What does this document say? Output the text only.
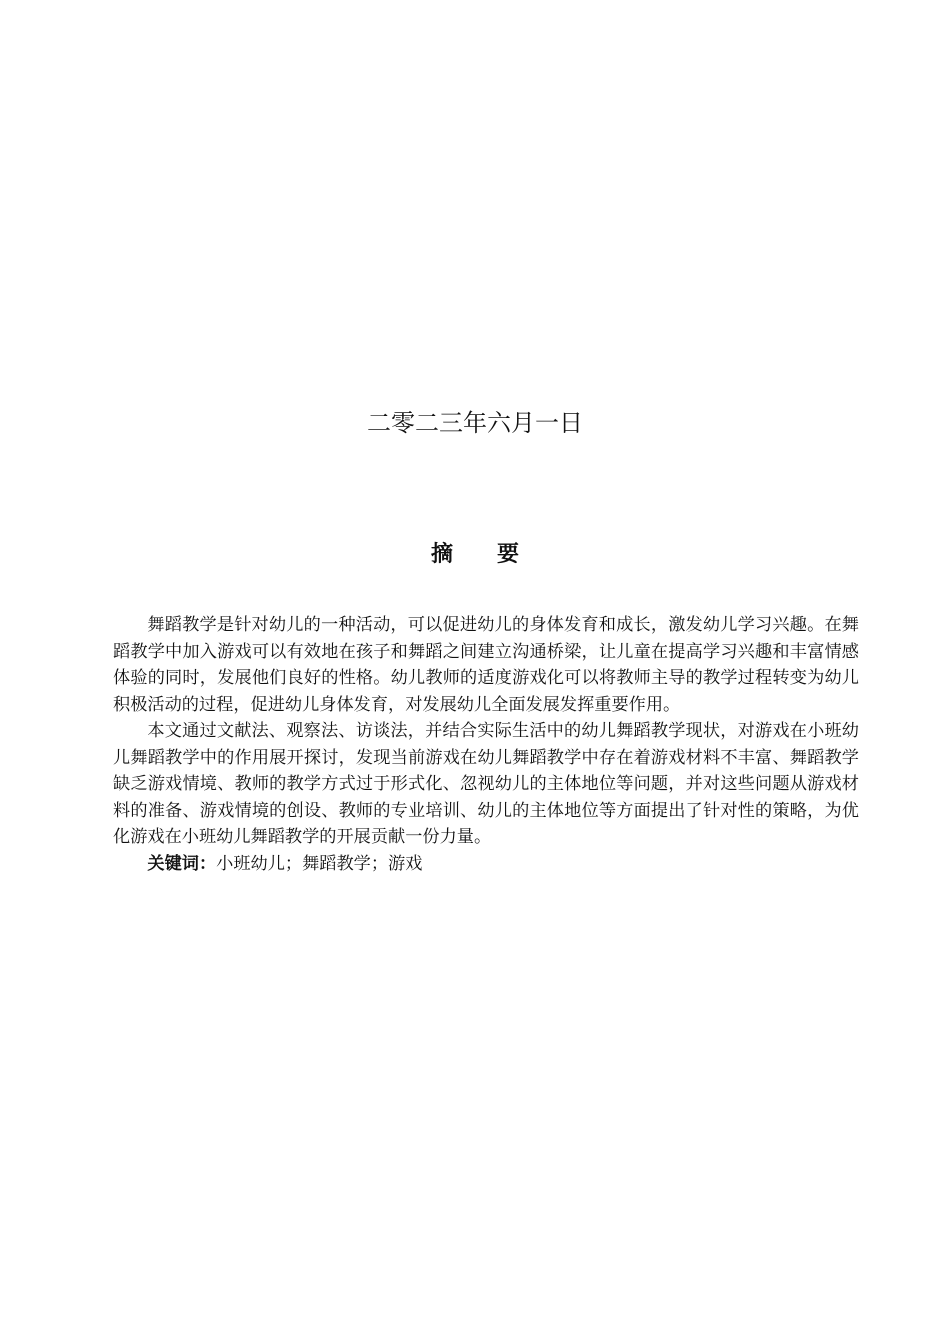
二零二三年六月一日
摘要

舞蹈教学是针对幼儿的一种活动，可以促进幼儿的身体发育和成长，激发幼儿学习兴趣。在舞蹈教学中加入游戏可以有效地在孩子和舞蹈之间建立沟通桥梁，让儿童在提高学习兴趣和丰富情感体验的同时，发展他们良好的性格。幼儿教师的适度游戏化可以将教师主导的教学过程转变为幼儿积极活动的过程，促进幼儿身体发育，对发展幼儿全面发展发挥重要作用。

本文通过文献法、观察法、访谈法，并结合实际生活中的幼儿舞蹈教学现状，对游戏在小班幼儿舞蹈教学中的作用展开探讨，发现当前游戏在幼儿舞蹈教学中存在着游戏材料不丰富、舞蹈教学缺乏游戏情境、教师的教学方式过于形式化、忽视幼儿的主体地位等问题，并对这些问题从游戏材料的准备、游戏情境的创设、教师的专业培训、幼儿的主体地位等方面提出了针对性的策略，为优化游戏在小班幼儿舞蹈教学的开展贡献一份力量。

关键词：小班幼儿；舞蹈教学；游戏
